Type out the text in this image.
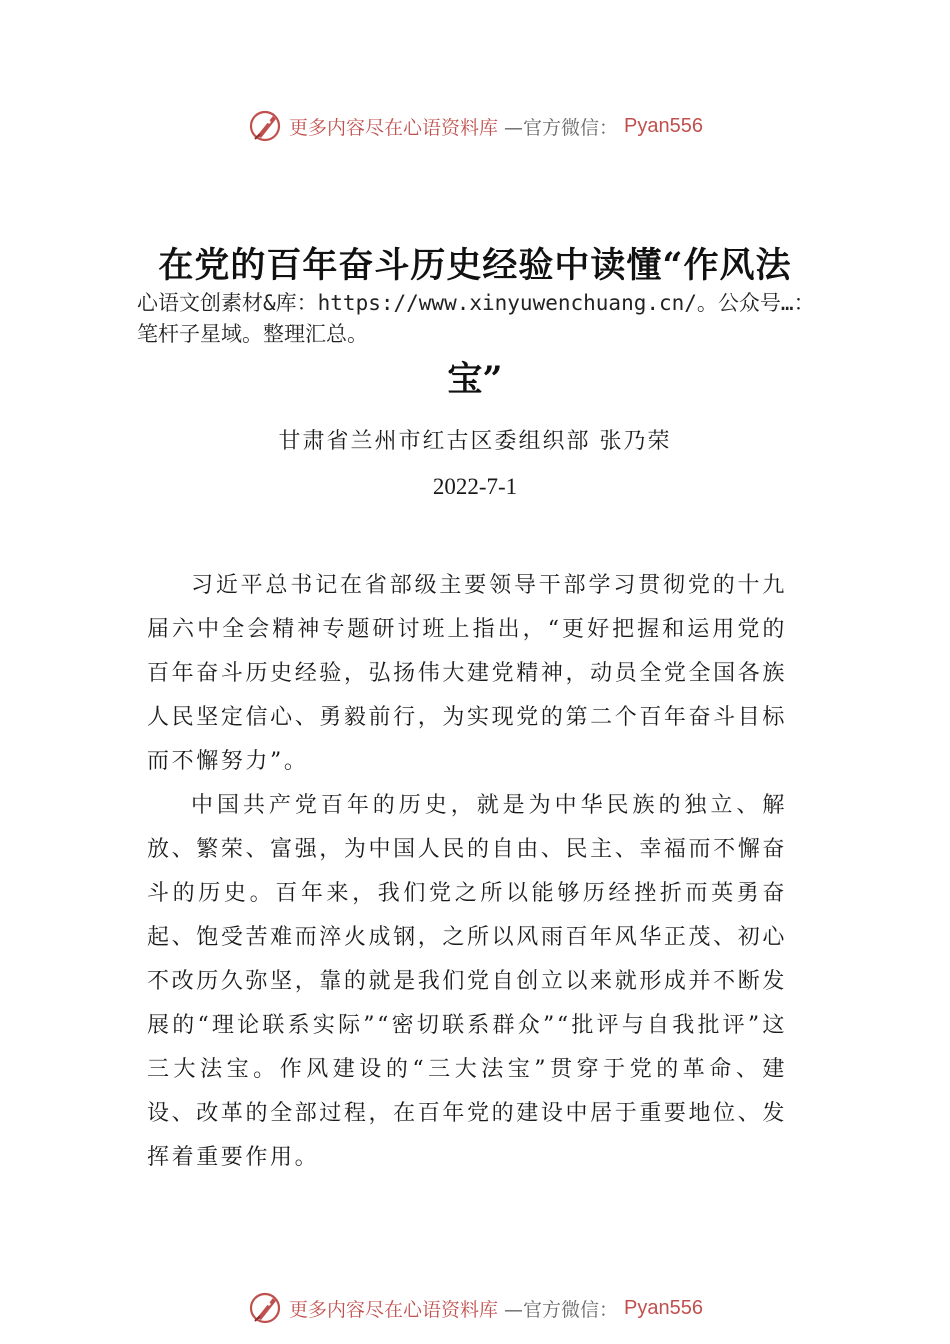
更多内容尽在心语资料库 —官方微信： Pyan556
在党的百年奋斗历史经验中读懂“作风法
心语文创素材&库：https://www.xinyuwenchuang.cn/。公众号…：笔杆子星域。整理汇总。
宝”
甘肃省兰州市红古区委组织部 张乃荣
2022-7-1

习近平总书记在省部级主要领导干部学习贯彻党的十九届六中全会精神专题研讨班上指出，“更好把握和运用党的百年奋斗历史经验，弘扬伟大建党精神，动员全党全国各族人民坚定信心、勇毅前行，为实现党的第二个百年奋斗目标而不懈努力”。

中国共产党百年的历史，就是为中华民族的独立、解放、繁荣、富强，为中国人民的自由、民主、幸福而不懈奋斗的历史。百年来，我们党之所以能够历经挫折而英勇奋起、饱受苦难而淬火成钢，之所以风雨百年风华正茂、初心不改历久弥坚，靠的就是我们党自创立以来就形成并不断发展的“理论联系实际”“密切联系群众”“批评与自我批评”这三大法宝。作风建设的“三大法宝”贯穿于党的革命、建设、改革的全部过程，在百年党的建设中居于重要地位、发挥着重要作用。

更多内容尽在心语资料库 —官方微信： Pyan556
